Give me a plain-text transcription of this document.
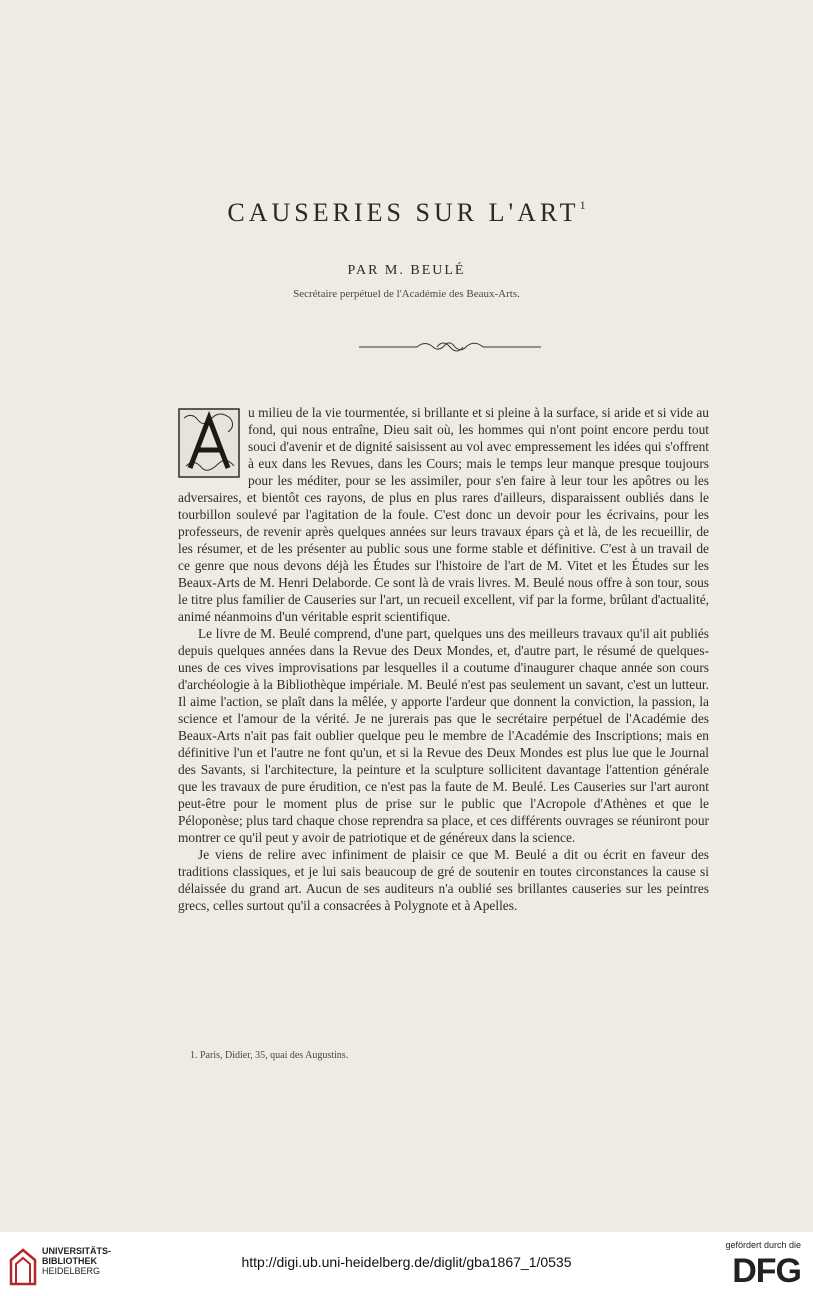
CAUSERIES SUR L'ART$^1$
PAR M. BEULÉ
Secrétaire perpétuel de l'Académie des Beaux-Arts.

u milieu de la vie tourmentée, si brillante et si pleine à la surface, si aride et si vide au fond, qui nous entraîne, Dieu sait où, les hommes qui n'ont point encore perdu tout souci d'avenir et de dignité saisissent au vol avec empressement les idées qui s'offrent à eux dans les Revues, dans les Cours; mais le temps leur manque presque toujours pour les méditer, pour se les assimiler, pour s'en faire à leur tour les apôtres ou les adversaires, et bientôt ces rayons, de plus en plus rares d'ailleurs, disparaissent oubliés dans le tourbillon soulevé par l'agitation de la foule. C'est donc un devoir pour les écrivains, pour les professeurs, de revenir après quelques années sur leurs travaux épars çà et là, de les recueillir, de les résumer, et de les présenter au public sous une forme stable et définitive. C'est à un travail de ce genre que nous devons déjà les Études sur l'histoire de l'art de M. Vitet et les Études sur les Beaux-Arts de M. Henri Delaborde. Ce sont là de vrais livres. M. Beulé nous offre à son tour, sous le titre plus familier de Causeries sur l'art, un recueil excellent, vif par la forme, brûlant d'actualité, animé néanmoins d'un véritable esprit scientifique.

Le livre de M. Beulé comprend, d'une part, quelques uns des meilleurs travaux qu'il ait publiés depuis quelques années dans la Revue des Deux Mondes, et, d'autre part, le résumé de quelques-unes de ces vives improvisations par lesquelles il a coutume d'inaugurer chaque année son cours d'archéologie à la Bibliothèque impériale. M. Beulé n'est pas seulement un savant, c'est un lutteur. Il aime l'action, se plaît dans la mêlée, y apporte l'ardeur que donnent la conviction, la passion, la science et l'amour de la vérité. Je ne jurerais pas que le secrétaire perpétuel de l'Académie des Beaux-Arts n'ait pas fait oublier quelque peu le membre de l'Académie des Inscriptions; mais en définitive l'un et l'autre ne font qu'un, et si la Revue des Deux Mondes est plus lue que le Journal des Savants, si l'architecture, la peinture et la sculpture sollicitent davantage l'attention générale que les travaux de pure érudition, ce n'est pas la faute de M. Beulé. Les Causeries sur l'art auront peut-être pour le moment plus de prise sur le public que l'Acropole d'Athènes et que le Péloponèse; plus tard chaque chose reprendra sa place, et ces différents ouvrages se réuniront pour montrer ce qu'il peut y avoir de patriotique et de généreux dans la science.

Je viens de relire avec infiniment de plaisir ce que M. Beulé a dit ou écrit en faveur des traditions classiques, et je lui sais beaucoup de gré de soutenir en toutes circonstances la cause si délaissée du grand art. Aucun de ses auditeurs n'a oublié ses brillantes causeries sur les peintres grecs, celles surtout qu'il a consacrées à Polygnote et à Apelles.

1. Paris, Didier, 35, quai des Augustins.
UNIVERSITÄTS-
BIBLIOTHEK
HEIDELBERG
http://digi.ub.uni-heidelberg.de/diglit/gba1867_1/0535
gefördert durch die
DFG
